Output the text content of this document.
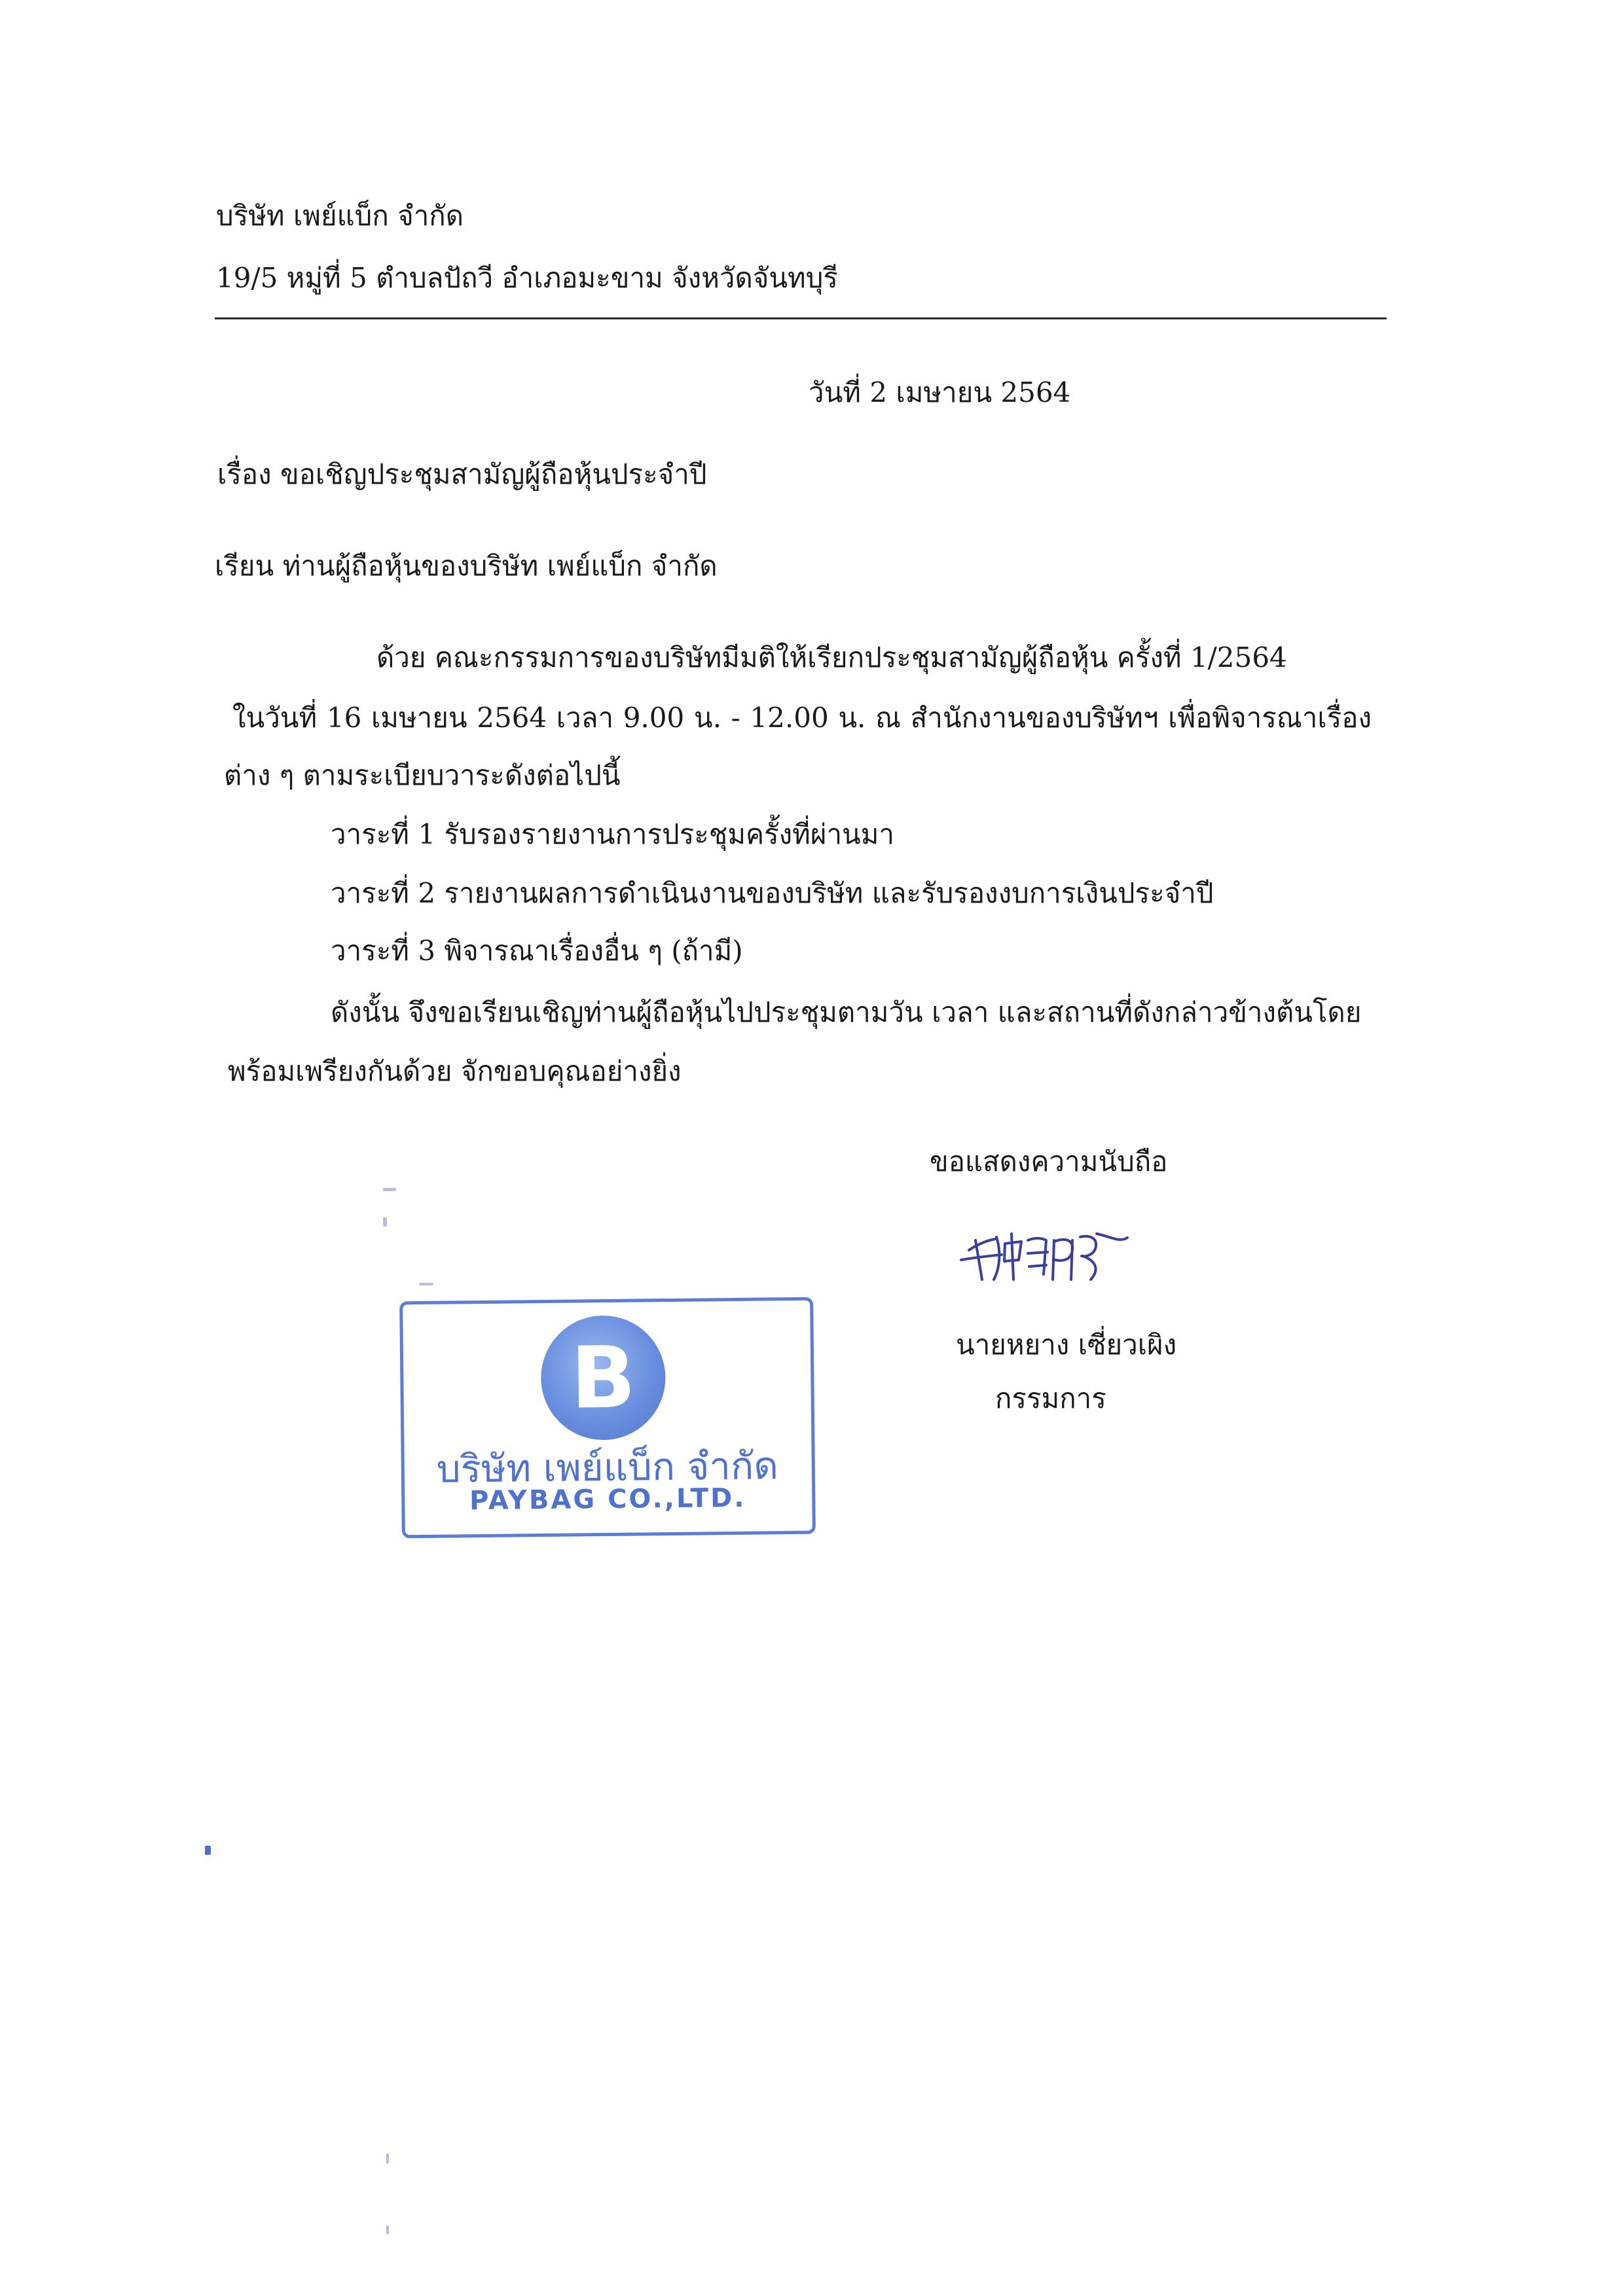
บริษัท เพย์แบ็ก จำกัด
19/5 หมู่ที่ 5 ตำบลปัถวี อำเภอมะขาม จังหวัดจันทบุรี
วันที่ 2 เมษายน 2564
เรื่อง ขอเชิญประชุมสามัญผู้ถือหุ้นประจำปี
เรียน ท่านผู้ถือหุ้นของบริษัท เพย์แบ็ก จำกัด
ด้วย คณะกรรมการของบริษัทมีมติให้เรียกประชุมสามัญผู้ถือหุ้น ครั้งที่ 1/2564
ในวันที่ 16 เมษายน 2564 เวลา 9.00 น. - 12.00 น. ณ สำนักงานของบริษัทฯ เพื่อพิจารณาเรื่อง
ต่าง ๆ ตามระเบียบวาระดังต่อไปนี้
วาระที่ 1 รับรองรายงานการประชุมครั้งที่ผ่านมา
วาระที่ 2 รายงานผลการดำเนินงานของบริษัท และรับรองงบการเงินประจำปี
วาระที่ 3 พิจารณาเรื่องอื่น ๆ (ถ้ามี)
ดังนั้น จึงขอเรียนเชิญท่านผู้ถือหุ้นไปประชุมตามวัน เวลา และสถานที่ดังกล่าวข้างต้นโดย
พร้อมเพรียงกันด้วย จักขอบคุณอย่างยิ่ง
ขอแสดงความนับถือ
นายหยาง เซี่ยวเผิง
กรรมการ
B
บริษัท เพย์แบ็ก จำกัด
PAYBAG CO.,LTD.
